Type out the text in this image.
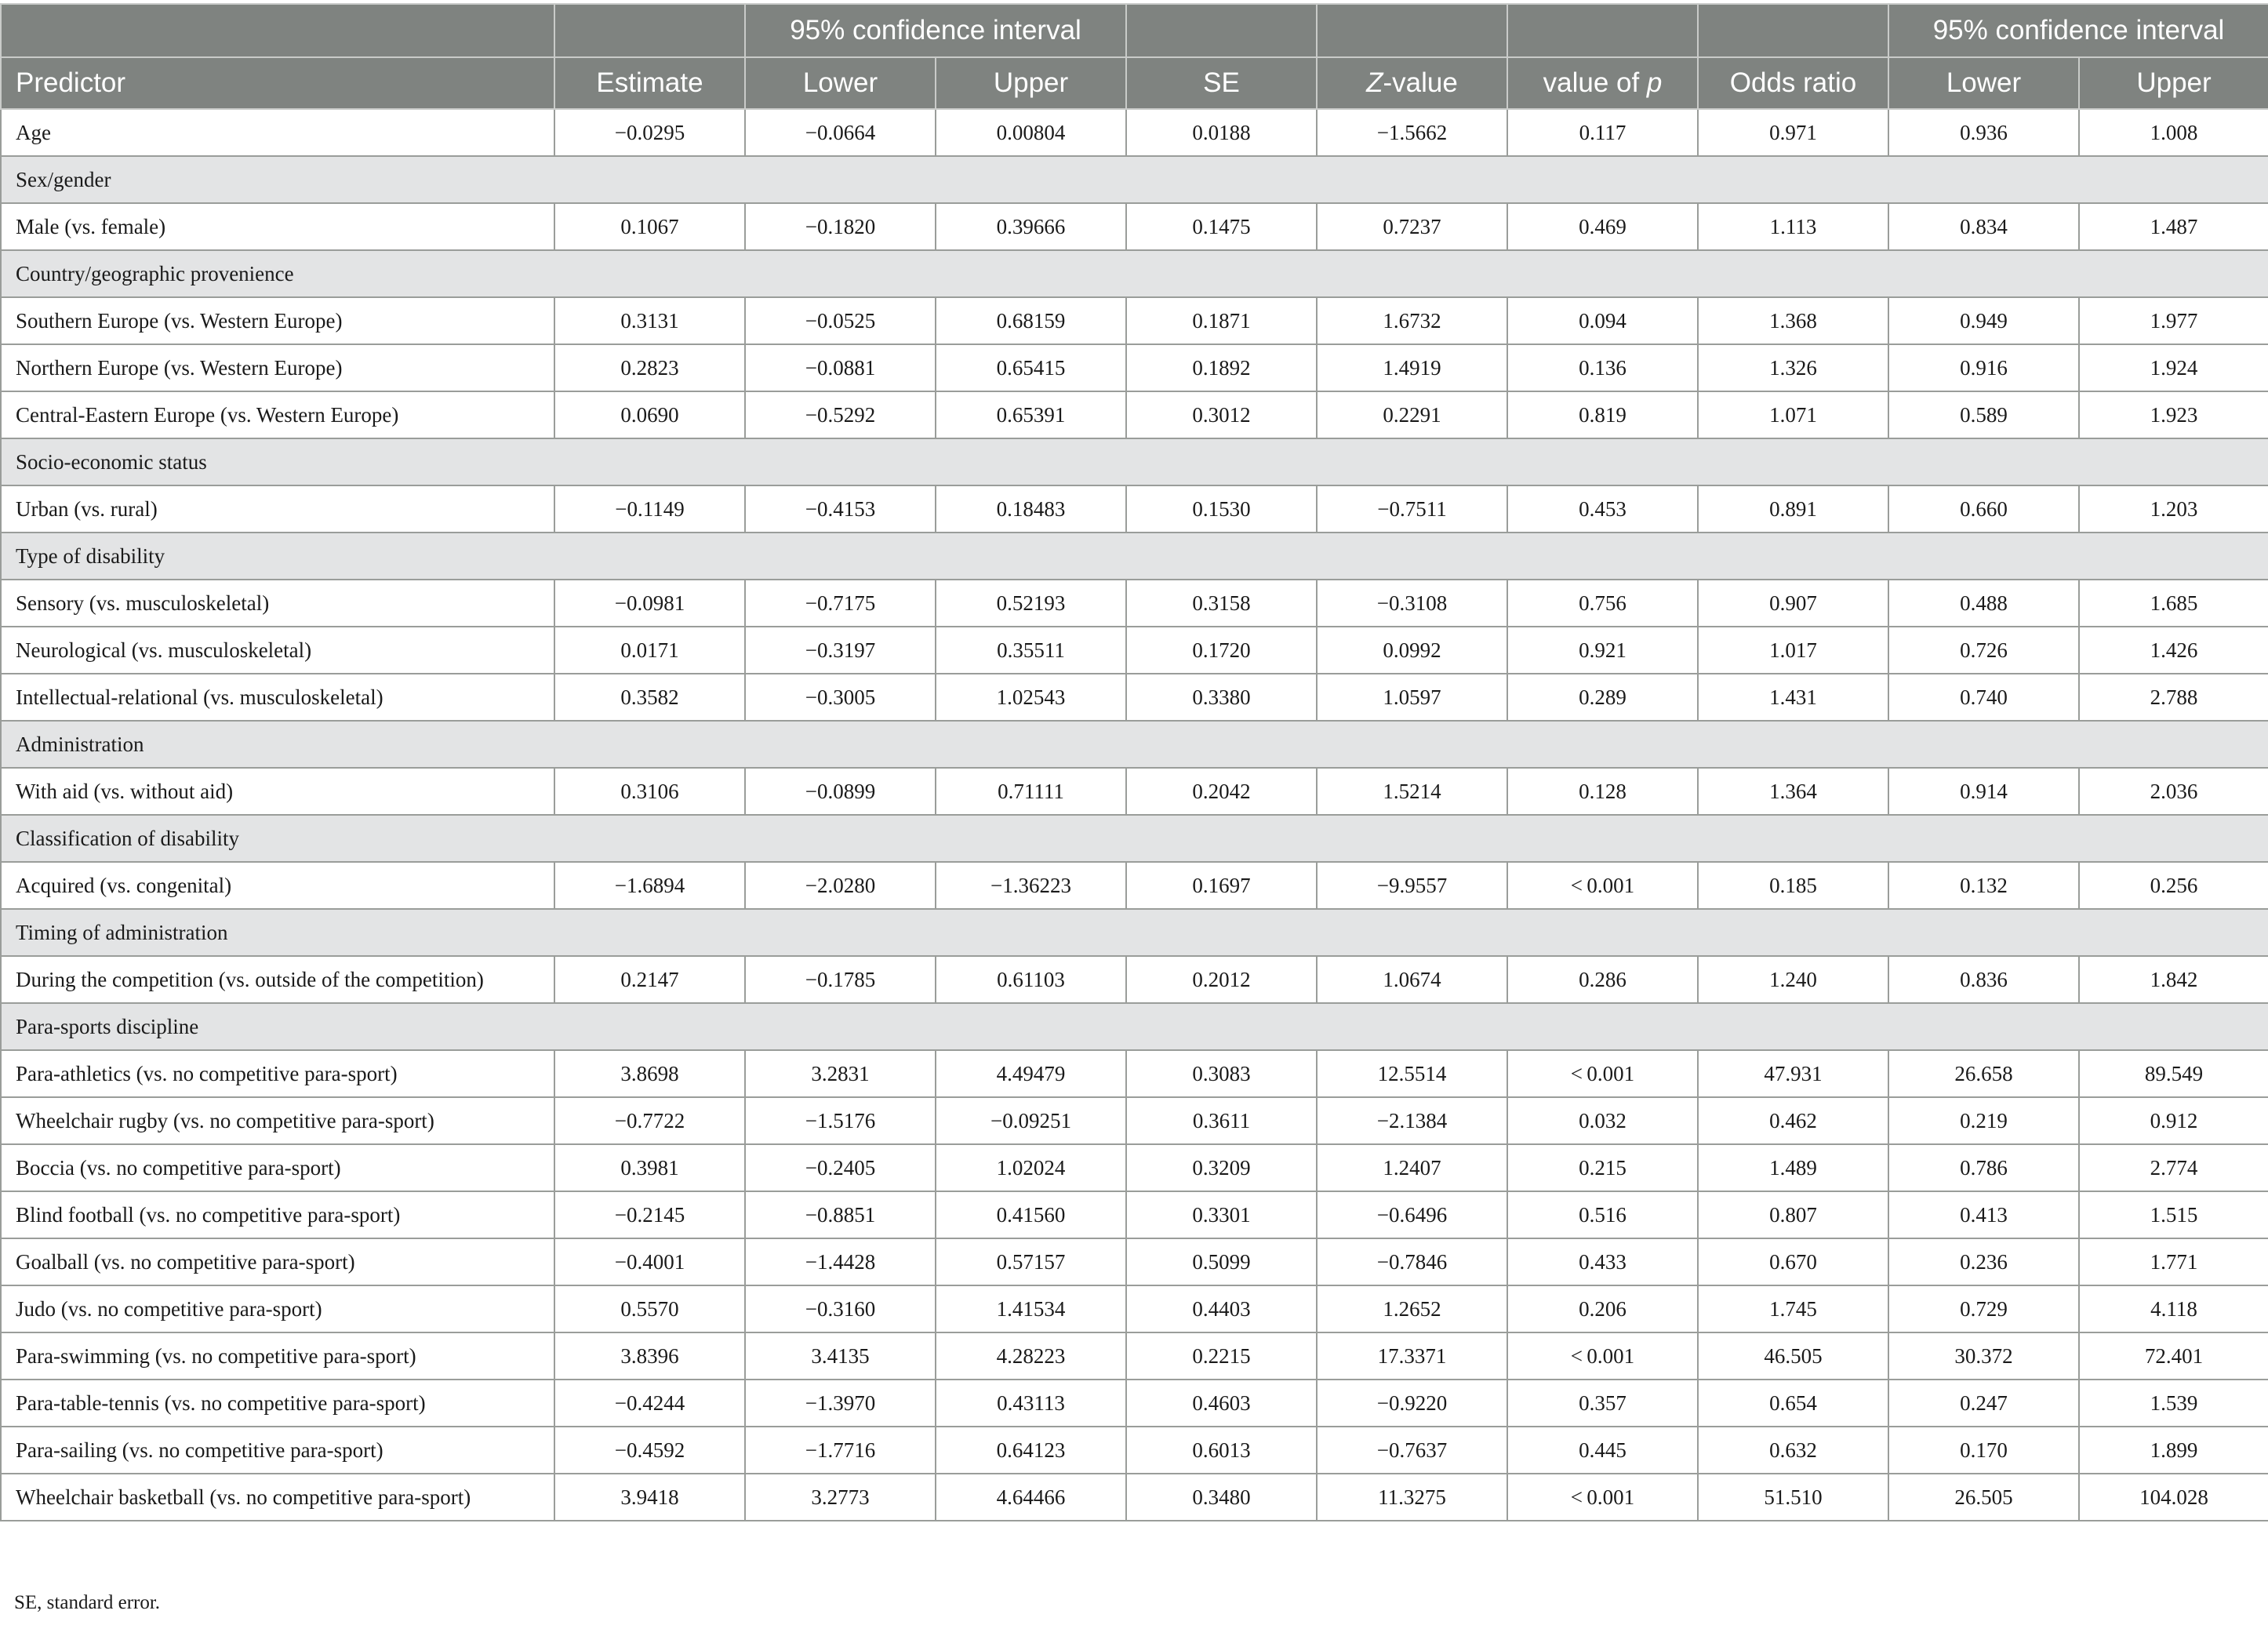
		95% confidence interval						95% confidence interval	
Predictor	Estimate	Lower	Upper	SE	Z-value	value of p	Odds ratio	Lower	Upper
Age	−0.0295	−0.0664	0.00804	0.0188	−1.5662	0.117	0.971	0.936	1.008
Sex/gender									
Male (vs. female)	0.1067	−0.1820	0.39666	0.1475	0.7237	0.469	1.113	0.834	1.487
Country/geographic provenience									
Southern Europe (vs. Western Europe)	0.3131	−0.0525	0.68159	0.1871	1.6732	0.094	1.368	0.949	1.977
Northern Europe (vs. Western Europe)	0.2823	−0.0881	0.65415	0.1892	1.4919	0.136	1.326	0.916	1.924
Central-Eastern Europe (vs. Western Europe)	0.0690	−0.5292	0.65391	0.3012	0.2291	0.819	1.071	0.589	1.923
Socio-economic status									
Urban (vs. rural)	−0.1149	−0.4153	0.18483	0.1530	−0.7511	0.453	0.891	0.660	1.203
Type of disability									
Sensory (vs. musculoskeletal)	−0.0981	−0.7175	0.52193	0.3158	−0.3108	0.756	0.907	0.488	1.685
Neurological (vs. musculoskeletal)	0.0171	−0.3197	0.35511	0.1720	0.0992	0.921	1.017	0.726	1.426
Intellectual-relational (vs. musculoskeletal)	0.3582	−0.3005	1.02543	0.3380	1.0597	0.289	1.431	0.740	2.788
Administration									
With aid (vs. without aid)	0.3106	−0.0899	0.71111	0.2042	1.5214	0.128	1.364	0.914	2.036
Classification of disability									
Acquired (vs. congenital)	−1.6894	−2.0280	−1.36223	0.1697	−9.9557	< 0.001	0.185	0.132	0.256
Timing of administration									
During the competition (vs. outside of the competition)	0.2147	−0.1785	0.61103	0.2012	1.0674	0.286	1.240	0.836	1.842
Para-sports discipline									
Para-athletics (vs. no competitive para-sport)	3.8698	3.2831	4.49479	0.3083	12.5514	< 0.001	47.931	26.658	89.549
Wheelchair rugby (vs. no competitive para-sport)	−0.7722	−1.5176	−0.09251	0.3611	−2.1384	0.032	0.462	0.219	0.912
Boccia (vs. no competitive para-sport)	0.3981	−0.2405	1.02024	0.3209	1.2407	0.215	1.489	0.786	2.774
Blind football (vs. no competitive para-sport)	−0.2145	−0.8851	0.41560	0.3301	−0.6496	0.516	0.807	0.413	1.515
Goalball (vs. no competitive para-sport)	−0.4001	−1.4428	0.57157	0.5099	−0.7846	0.433	0.670	0.236	1.771
Judo (vs. no competitive para-sport)	0.5570	−0.3160	1.41534	0.4403	1.2652	0.206	1.745	0.729	4.118
Para-swimming (vs. no competitive para-sport)	3.8396	3.4135	4.28223	0.2215	17.3371	< 0.001	46.505	30.372	72.401
Para-table-tennis (vs. no competitive para-sport)	−0.4244	−1.3970	0.43113	0.4603	−0.9220	0.357	0.654	0.247	1.539
Para-sailing (vs. no competitive para-sport)	−0.4592	−1.7716	0.64123	0.6013	−0.7637	0.445	0.632	0.170	1.899
Wheelchair basketball (vs. no competitive para-sport)	3.9418	3.2773	4.64466	0.3480	11.3275	< 0.001	51.510	26.505	104.028
SE, standard error.
